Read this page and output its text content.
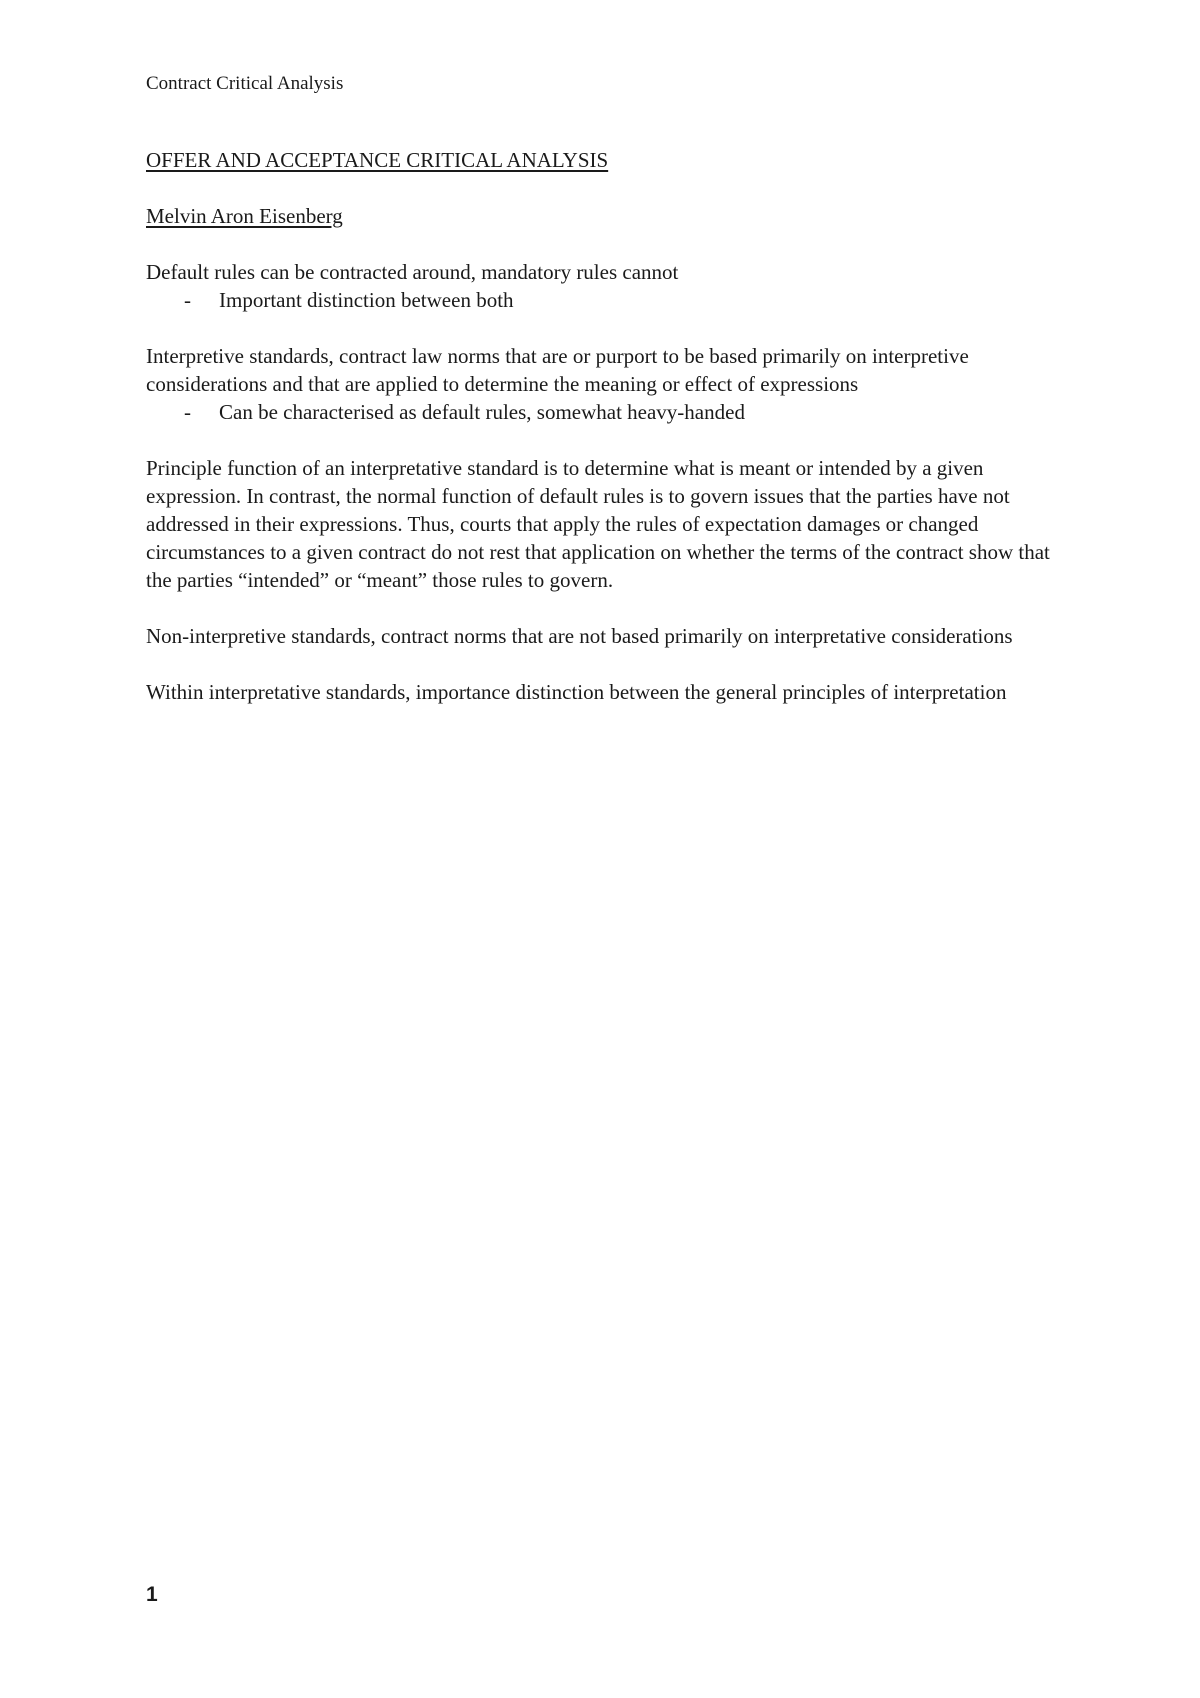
Contract Critical Analysis

OFFER AND ACCEPTANCE CRITICAL ANALYSIS

Melvin Aron Eisenberg

Default rules can be contracted around, mandatory rules cannot

- Important distinction between both

Interpretive standards, contract law norms that are or purport to be based primarily on interpretive considerations and that are applied to determine the meaning or effect of expressions

- Can be characterised as default rules, somewhat heavy-handed

Principle function of an interpretative standard is to determine what is meant or intended by a given expression. In contrast, the normal function of default rules is to govern issues that the parties have not addressed in their expressions. Thus, courts that apply the rules of expectation damages or changed circumstances to a given contract do not rest that application on whether the terms of the contract show that the parties “intended” or “meant” those rules to govern.

Non-interpretive standards, contract norms that are not based primarily on interpretative considerations

Within interpretative standards, importance distinction between the general principles of interpretation

1
